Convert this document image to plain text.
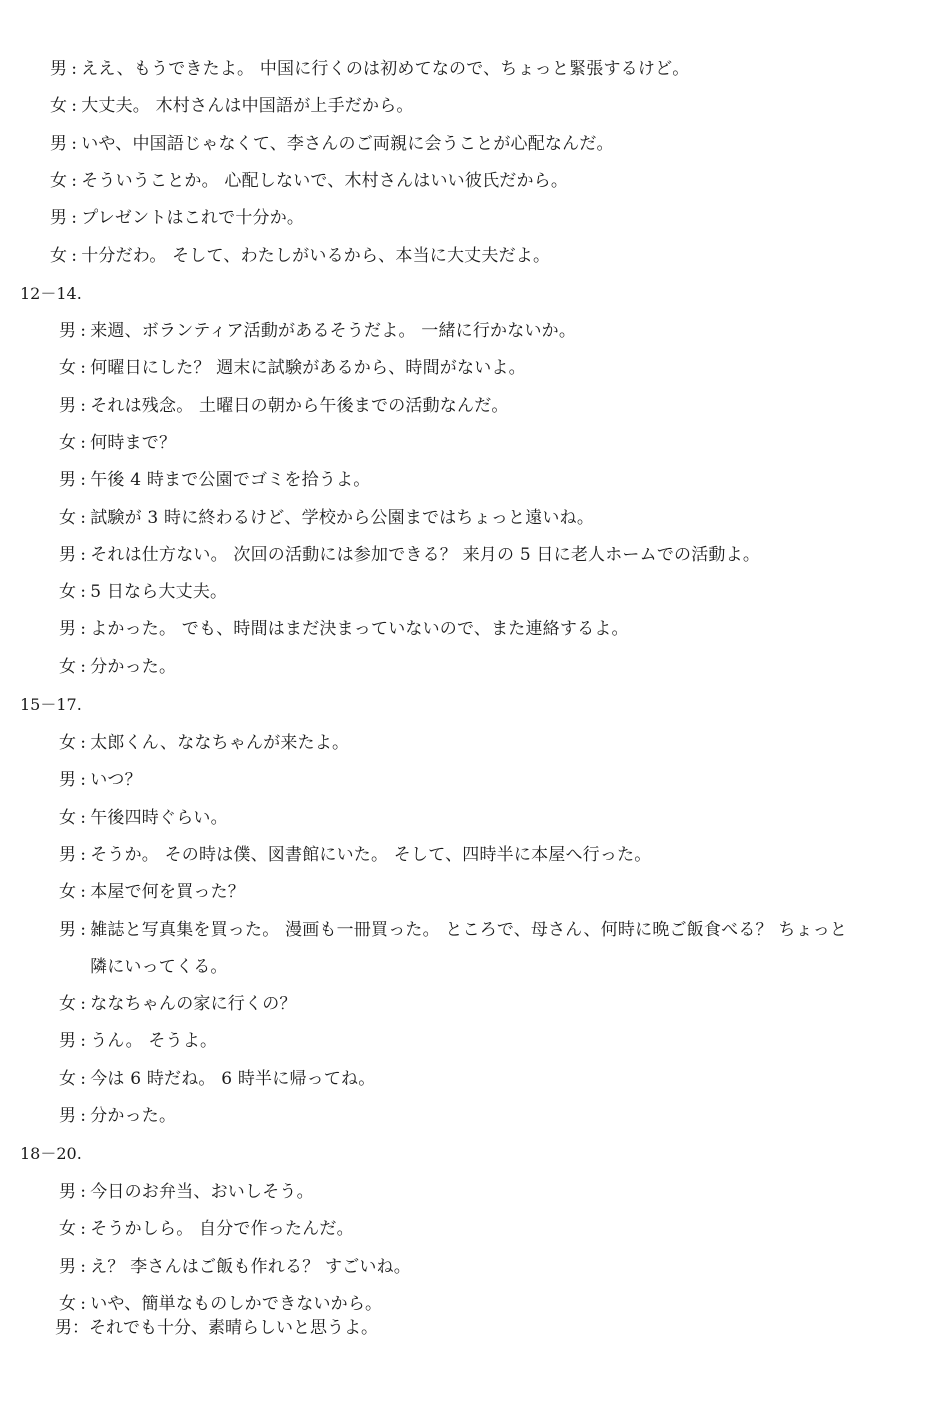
男 : ええ、もうできたよ。 中国に行くのは初めてなので、ちょっと緊張するけど。
女 : 大丈夫。 木村さんは中国語が上手だから。
男 : いや、中国語じゃなくて、李さんのご両親に会うことが心配なんだ。
女 : そういうことか。 心配しないで、木村さんはいい彼氏だから。
男 : プレゼントはこれで十分か。
女 : 十分だわ。 そして、わたしがいるから、本当に大丈夫だよ。
12－14.
男 : 来週、ボランティア活動があるそうだよ。 一緒に行かないか。
女 : 何曜日にした？ 週末に試験があるから、時間がないよ。
男 : それは残念。 土曜日の朝から午後までの活動なんだ。
女 : 何時まで？
男 : 午後 4 時まで公園でゴミを拾うよ。
女 : 試験が 3 時に終わるけど、学校から公園まではちょっと遠いね。
男 : それは仕方ない。 次回の活動には参加できる？ 来月の 5 日に老人ホームでの活動よ。
女 : 5 日なら大丈夫。
男 : よかった。 でも、時間はまだ決まっていないので、また連絡するよ。
女 : 分かった。
15－17.
女 : 太郎くん、ななちゃんが来たよ。
男 : いつ？
女 : 午後四時ぐらい。
男 : そうか。 その時は僕、図書館にいた。 そして、四時半に本屋へ行った。
女 : 本屋で何を買った？
男 : 雑誌と写真集を買った。 漫画も一冊買った。 ところで、母さん、何時に晩ご飯食べる？ ちょっと
隣にいってくる。
女 : ななちゃんの家に行くの？
男 : うん。 そうよ。
女 : 今は 6 時だね。 6 時半に帰ってね。
男 : 分かった。
18－20.
男 : 今日のお弁当、おいしそう。
女 : そうかしら。 自分で作ったんだ。
男 : え？ 李さんはご飯も作れる？ すごいね。
女 : いや、簡単なものしかできないから。
男：それでも十分、素晴らしいと思うよ。
